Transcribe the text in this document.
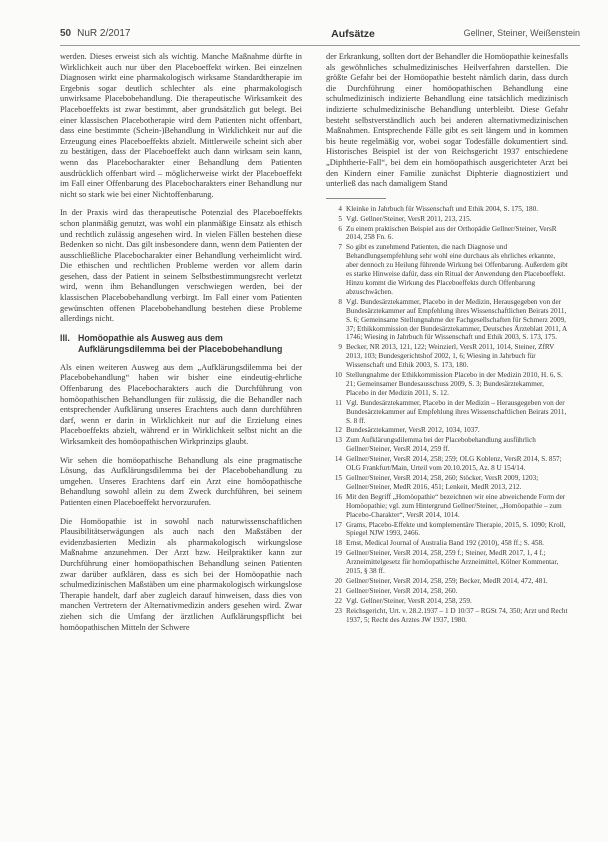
50 NuR 2/2017	Aufsätze	Gellner, Steiner, Weißenstein

werden. Dieses erweist sich als wichtig. Manche Maßnahme dürfte in Wirklichkeit auch nur über den Placeboeffekt wirken. Bei einzelnen Diagnosen wirkt eine pharmakologisch wirksame Standardtherapie im Ergebnis sogar deutlich schlechter als eine pharmakologisch unwirksame Placebobehandlung. Die therapeutische Wirksamkeit des Placeboeffekts ist zwar bestimmt, aber grundsätzlich gut belegt. Bei einer klassischen Placebotherapie wird dem Patienten nicht offenbart, dass eine bestimmte (Schein-)Behandlung in Wirklichkeit nur auf die Erzeugung eines Placeboeffekts abzielt. Mittlerweile scheint sich aber zu bestätigen, dass der Placeboeffekt auch dann wirksam sein kann, wenn das Placebocharakter einer Behandlung dem Patienten ausdrücklich offenbart wird – möglicherweise wirkt der Placeboeffekt im Fall einer Offenbarung des Placebocharakters einer Behandlung nur nicht so stark wie bei einer Nichtoffenbarung.

In der Praxis wird das therapeutische Potenzial des Placeboeffekts schon planmäßig genutzt, was wohl ein planmäßige Einsatz als ethisch und rechtlich zulässig angesehen wird. In vielen Fällen bestehen diese Bedenken so nicht. Das gilt insbesondere dann, wenn dem Patienten der ausschließliche Placebocharakter einer Behandlung verheimlicht wird. Die ethischen und rechtlichen Probleme werden vor allem darin gesehen, dass der Patient in seinem Selbstbestimmungsrecht verletzt wird, wenn ihm Behandlungen verschwiegen werden, bei der klassischen Placebobehandlung verbirgt. Im Fall einer vom Patienten gewünschten offenen Placebobehandlung bestehen diese Probleme allerdings nicht.

III. Homöopathie als Ausweg aus dem
Aufklärungsdilemma bei der Placebobehandlung

Als einen weiteren Ausweg aus dem „Aufklärungsdilemma bei der Placebobehandlung“ haben wir bisher eine eindeutig-ehrliche Offenbarung des Placebocharakters auch die Durchführung von homöopathischen Behandlungen für zulässig, die die Behandler nach entsprechender Aufklärung unseres Erachtens auch dann durchführen darf, wenn er darin in Wirklichkeit nur auf die Erzielung eines Placeboeffekts abzielt, während er in Wirklichkeit selbst nicht an die Wirksamkeit des homöopathischen Wirkprinzips glaubt.

Wir sehen die homöopathische Behandlung als eine pragmatische Lösung, das Aufklärungsdilemma bei der Placebobehandlung zu umgehen. Unseres Erachtens darf ein Arzt eine homöopathische Behandlung sowohl allein zu dem Zweck durchführen, bei seinem Patienten einen Placeboeffekt hervorzurufen.

Die Homöopathie ist in sowohl nach naturwissenschaftlichen Plausibilitätserwägungen als auch nach den Maßstäben der evidenzbasierten Medizin als pharmakologisch wirkungslose Maßnahme anzunehmen. Der Arzt bzw. Heilpraktiker kann zur Durchführung einer homöopathischen Behandlung seinen Patienten zwar darüber aufklären, dass es sich bei der Homöopathie nach schulmedizinischen Maßstäben um eine pharmakologisch wirkungslose Therapie handelt, darf aber zugleich darauf hinweisen, dass dies von manchen Vertretern der Alternativmedizin anders gesehen wird. Zwar ziehen sich die Umfang der ärztlichen Aufklärungspflicht bei homöopathischen Mitteln der Schwere

der Erkrankung, sollten dort der Behandler die Homöopathie keinesfalls als gewöhnliches schulmedizinisches Heilverfahren darstellen. Die größte Gefahr bei der Homöopathie besteht nämlich darin, dass durch die Durchführung einer homöopathischen Behandlung eine schulmedizinisch indizierte Behandlung eine tatsächlich medizinisch indizierte schulmedizinische Behandlung unterbleibt. Diese Gefahr besteht selbstverständlich auch bei anderen alternativmedizinischen Maßnahmen. Entsprechende Fälle gibt es seit längem und in kommen bis heute regelmäßig vor, wobei sogar Todesfälle dokumentiert sind. Historisches Beispiel ist der von Reichsgericht 1937 entschiedene „Diphtherie-Fall“, bei dem ein homöopathisch ausgerichteter Arzt bei den Kindern einer Familie zunächst Diphterie diagnostiziert und unterließ das nach damaligem Stand

4 Kleinke in Jahrbuch für Wissenschaft und Ethik 2004, S. 175, 180.
5 Vgl. Gellner/Steiner, VersR 2011, 213, 215.
6 Zu einem praktischen Beispiel aus der Orthopädie Gellner/Steiner, VersR 2014, 258 Fn. 6.
7 So gibt es zunehmend Patienten, die nach Diagnose und Behandlungsempfehlung sehr wohl eine durchaus als ehrliches erkannte, aber dennoch zu Heilung führende Wirkung bei Offenbarung. Außerdem gibt es starke Hinweise dafür, dass ein Ritual der Anwendung den Placeboeffekt. Hinzu kommt die Wirkung des Placeboeffekts durch Offenbarung abzuschwächen.
8 Vgl. Bundesärztekammer, Placebo in der Medizin, Herausgegeben von der Bundesärztekammer auf Empfehlung ihres Wissenschaftlichen Beirats 2011, S. 6; Gemeinsame Stellungnahme der Fachgesellschaften für Schmerz 2009, 37; Ethikkommission der Bundesärztekammer, Deutsches Ärzteblatt 2011, A 1746; Wiesing in Jahrbuch für Wissenschaft und Ethik 2003, S. 173, 175.
9 Becker, NR 2013, 121, 122; Weinzierl, VersR 2011, 1014, Steiner, ZfRV 2013, 103; Bundesgerichtshof 2002, 1, 6; Wiesing in Jahrbuch für Wissenschaft und Ethik 2003, S. 173, 180.
10 Stellungnahme der Ethikkommission Placebo in der Medizin 2010, H. 6, S. 21; Gemeinsamer Bundesausschuss 2009, S. 3; Bundesärztekammer, Placebo in der Medizin 2011, S. 12.
11 Vgl. Bundesärztekammer, Placebo in der Medizin – Herausgegeben von der Bundesärztekammer auf Empfehlung ihres Wissenschaftlichen Beirats 2011, S. 8 ff.
12 Bundesärztekammer, VersR 2012, 1034, 1037.
13 Zum Aufklärungsdilemma bei der Placebobehandlung ausführlich Gellner/Steiner, VersR 2014, 259 ff.
14 Gellner/Steiner, VersR 2014, 258; 259; OLG Koblenz, VersR 2014, S. 857; OLG Frankfurt/Main, Urteil vom 20.10.2015, Az. 8 U 154/14.
15 Gellner/Steiner, VersR 2014, 258, 260; Stöcker, VersR 2009, 1203; Gellner/Steiner, MedR 2016, 451; Lenkeit, MedR 2013, 212.
16 Mit den Begriff „Homöopathie“ bezeichnen wir eine abweichende Form der Homöopathie; vgl. zum Hintergrund Gellner/Steiner, „Homöopathie – zum Placebo-Charakter“, VersR 2014, 1014.
17 Grams, Placebo-Effekte und komplementäre Therapie, 2015, S. 1090; Kroll, Spiegel NJW 1993, 2466.
18 Ernst, Medical Journal of Australia Band 192 (2010), 458 ff.; S. 458.
19 Gellner/Steiner, VersR 2014, 258, 259 f.; Steiner, MedR 2017, 1, 4 f.; Arzneimittelgesetz für homöopathische Arzneimittel, Kölner Kommentar, 2015, § 38 ff.
20 Gellner/Steiner, VersR 2014, 258, 259; Becker, MedR 2014, 472, 481.
21 Gellner/Steiner, VersR 2014, 258, 260.
22 Vgl. Gellner/Steiner, VersR 2014, 258, 259.
23 Reichsgericht, Urt. v. 28.2.1937 – 1 D 10/37 – RGSt 74, 350; Arzt und Recht 1937, 5; Recht des Arztes JW 1937, 1980.
